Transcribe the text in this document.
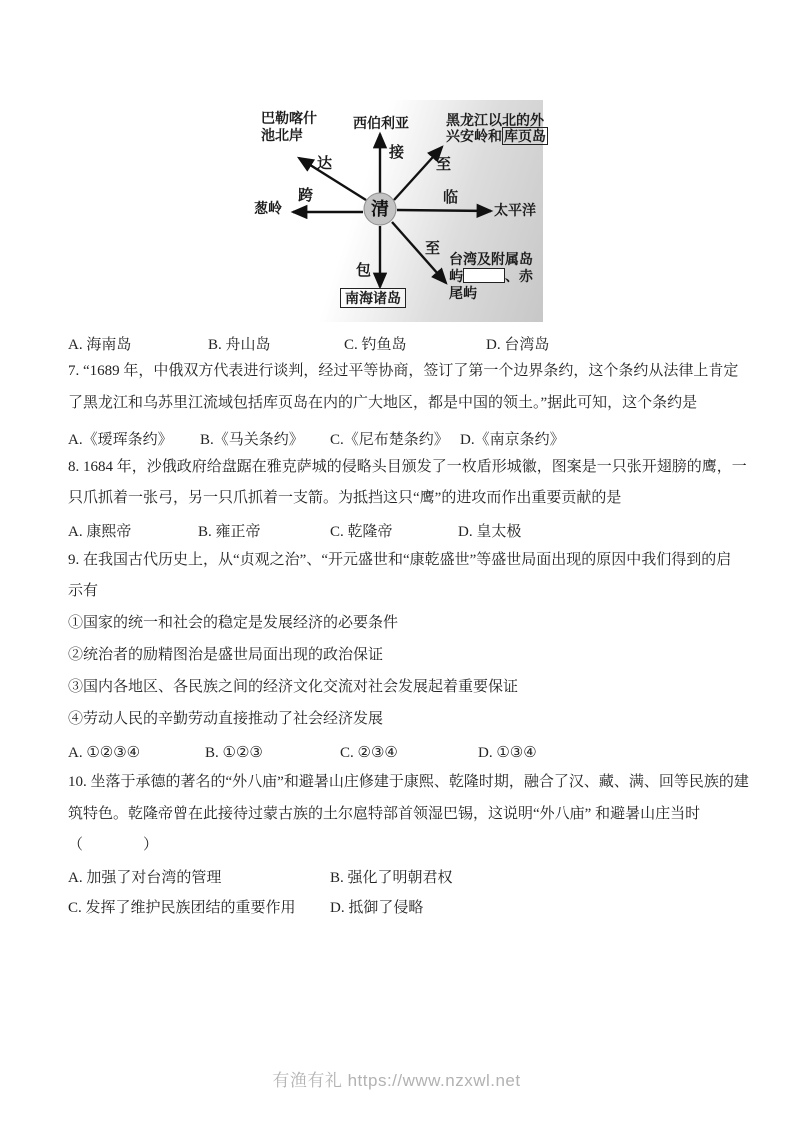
清
巴勒喀什
池北岸
西伯利亚	黑龙江以北的外
兴安岭和 库页岛
达
接
至
跨	临
至
包
葱岭	太平洋
台湾及附属岛
屿	、赤
尾屿
南海诸岛
A. 海南岛	B. 舟山岛	C. 钓鱼岛	D. 台湾岛
7. “1689 年，中俄双方代表进行谈判，经过平等协商，签订了第一个边界条约，这个条约从法律上肯定
了黑龙江和乌苏里江流域包括库页岛在内的广大地区，都是中国的领土。”据此可知，这个条约是
A.《瑷珲条约》 B.《马关条约》 C.《尼布楚条约》 D.《南京条约》
8. 1684 年，沙俄政府给盘踞在雅克萨城的侵略头目颁发了一枚盾形城徽，图案是一只张开翅膀的鹰，一
只爪抓着一张弓，另一只爪抓着一支箭。为抵挡这只“鹰”的进攻而作出重要贡献的是
A. 康熙帝	B. 雍正帝	C. 乾隆帝	D. 皇太极
9. 在我国古代历史上，从“贞观之治”、“开元盛世和“康乾盛世”等盛世局面出现的原因中我们得到的启
示有
①国家的统一和社会的稳定是发展经济的必要条件
②统治者的励精图治是盛世局面出现的政治保证
③国内各地区、各民族之间的经济文化交流对社会发展起着重要保证
④劳动人民的辛勤劳动直接推动了社会经济发展
A. ①②③④	B. ①②③	C. ②③④	D. ①③④
10. 坐落于承德的著名的“外八庙”和避暑山庄修建于康熙、乾隆时期，融合了汉、藏、满、回等民族的建
筑特色。乾隆帝曾在此接待过蒙古族的土尔扈特部首领湿巴锡，这说明“外八庙” 和避暑山庄当时
（　　　　）
A. 加强了对台湾的管理	B. 强化了明朝君权
C. 发挥了维护民族团结的重要作用 D. 抵御了侵略
有渔有礼 https://www.nzxwl.net
